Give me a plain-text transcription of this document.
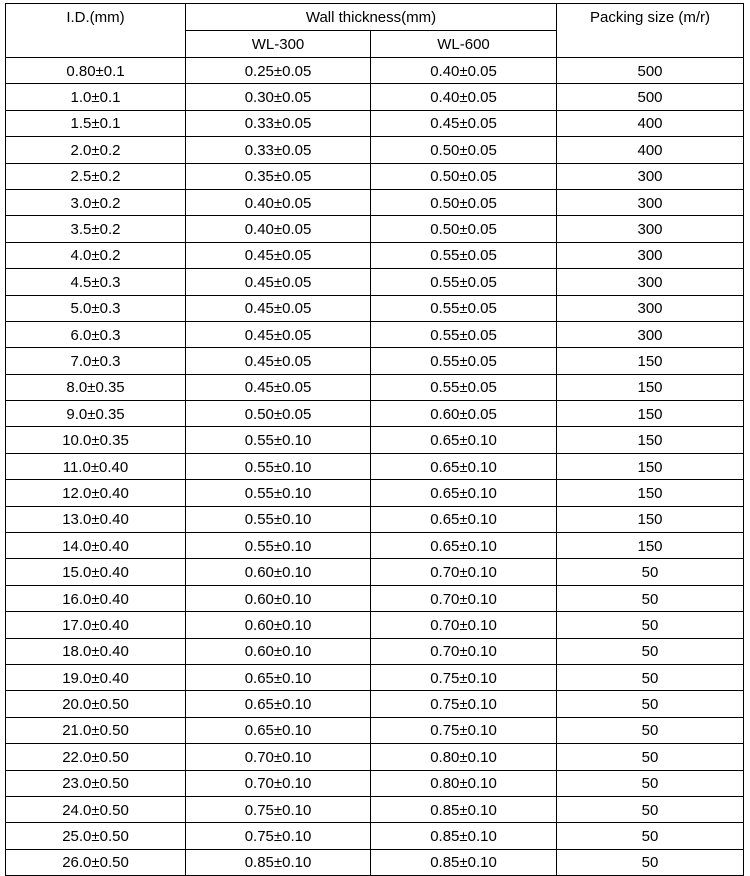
I.D.(mm)	Wall thickness(mm)		Packing size (m/r)
	WL-300	WL-600	
0.80±0.1	0.25±0.05	0.40±0.05	500
1.0±0.1	0.30±0.05	0.40±0.05	500
1.5±0.1	0.33±0.05	0.45±0.05	400
2.0±0.2	0.33±0.05	0.50±0.05	400
2.5±0.2	0.35±0.05	0.50±0.05	300
3.0±0.2	0.40±0.05	0.50±0.05	300
3.5±0.2	0.40±0.05	0.50±0.05	300
4.0±0.2	0.45±0.05	0.55±0.05	300
4.5±0.3	0.45±0.05	0.55±0.05	300
5.0±0.3	0.45±0.05	0.55±0.05	300
6.0±0.3	0.45±0.05	0.55±0.05	300
7.0±0.3	0.45±0.05	0.55±0.05	150
8.0±0.35	0.45±0.05	0.55±0.05	150
9.0±0.35	0.50±0.05	0.60±0.05	150
10.0±0.35	0.55±0.10	0.65±0.10	150
11.0±0.40	0.55±0.10	0.65±0.10	150
12.0±0.40	0.55±0.10	0.65±0.10	150
13.0±0.40	0.55±0.10	0.65±0.10	150
14.0±0.40	0.55±0.10	0.65±0.10	150
15.0±0.40	0.60±0.10	0.70±0.10	50
16.0±0.40	0.60±0.10	0.70±0.10	50
17.0±0.40	0.60±0.10	0.70±0.10	50
18.0±0.40	0.60±0.10	0.70±0.10	50
19.0±0.40	0.65±0.10	0.75±0.10	50
20.0±0.50	0.65±0.10	0.75±0.10	50
21.0±0.50	0.65±0.10	0.75±0.10	50
22.0±0.50	0.70±0.10	0.80±0.10	50
23.0±0.50	0.70±0.10	0.80±0.10	50
24.0±0.50	0.75±0.10	0.85±0.10	50
25.0±0.50	0.75±0.10	0.85±0.10	50
26.0±0.50	0.85±0.10	0.85±0.10	50
